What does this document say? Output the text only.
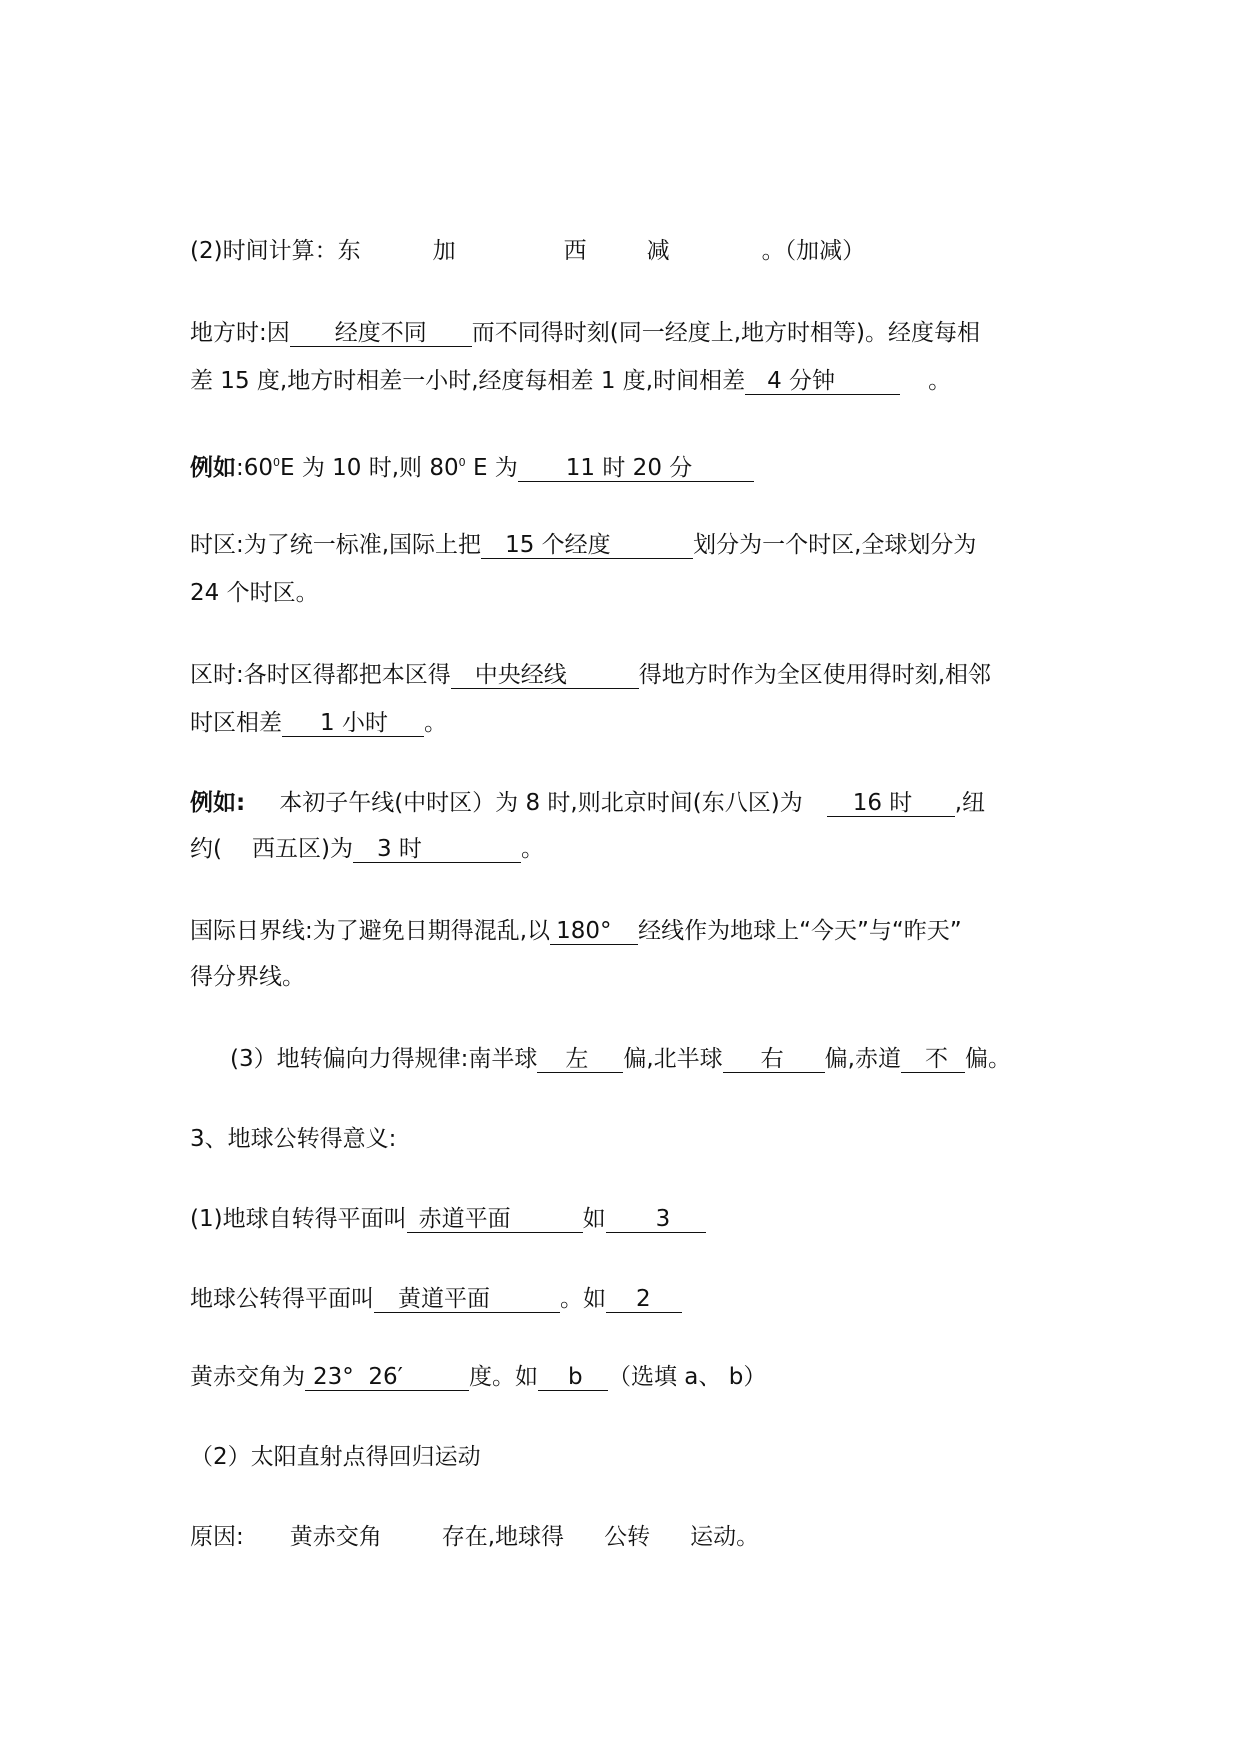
(2)时间计算：东	加	西	减	。（加减）
地方时:因 经度不同 而不同得时刻(同一经度上,地方时相等)。经度每相
差 15 度,地方时相差一小时,经度每相差 1 度,时间相差 4 分钟	。
例如$:60^0E$ 为 10 时,则 $80^0$ E 为 11 时 20 分
时区:为了统一标准,国际上把 15 个经度	划分为一个时区,全球划分为
24 个时区。
区时:各时区得都把本区得 中央经线	得地方时作为全区使用得时刻,相邻
时区相差 1 小时 。
例如: 本初子午线(中时区）为 8 时,则北京时间(东八区)为 16 时 ,纽
约( 西五区)为 3 时	。
国际日界线:为了避免日期得混乱,以 180° 经线作为地球上“今天”与“昨天”
得分界线。
(3）地转偏向力得规律:南半球 左 偏,北半球 右 偏,赤道 不 偏。
3、地球公转得意义:
(1)地球自转得平面叫 赤道平面	如 3
地球公转得平面叫 黄道平面	。如 2
黄赤交角为 23°  26′	度。如 b （选填 a、 b）
（2）太阳直射点得回归运动
原因: 黄赤交角	存在,地球得 公转 运动。
